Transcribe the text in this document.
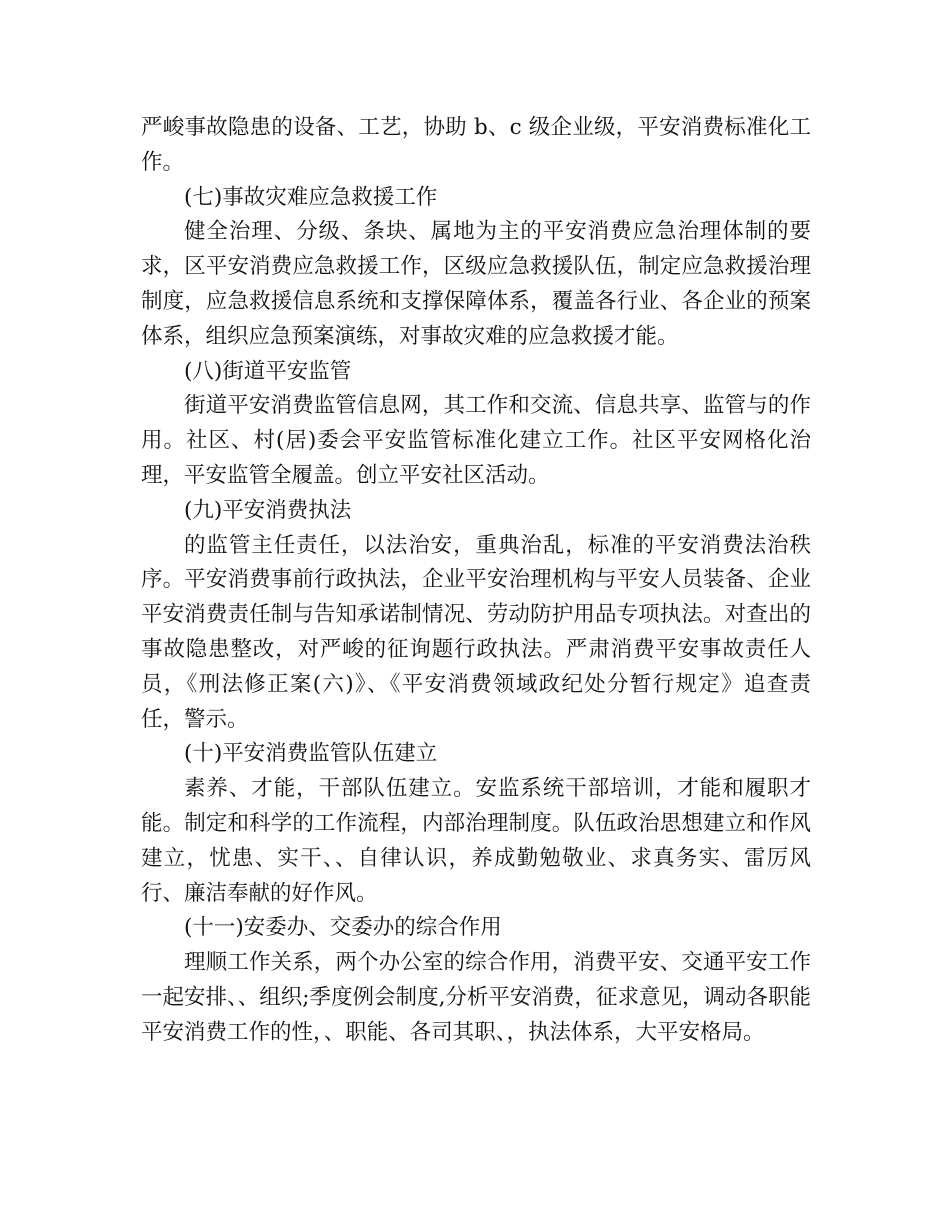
严峻事故隐患的设备、工艺，协助 b、c 级企业级，平安消费标准化工作。

(七)事故灾难应急救援工作

健全治理、分级、条块、属地为主的平安消费应急治理体制的要求，区平安消费应急救援工作，区级应急救援队伍，制定应急救援治理制度，应急救援信息系统和支撑保障体系，覆盖各行业、各企业的预案体系，组织应急预案演练，对事故灾难的应急救援才能。

(八)街道平安监管

街道平安消费监管信息网，其工作和交流、信息共享、监管与的作用。社区、村(居)委会平安监管标准化建立工作。社区平安网格化治理，平安监管全履盖。创立平安社区活动。

(九)平安消费执法

的监管主任责任，以法治安，重典治乱，标准的平安消费法治秩序。平安消费事前行政执法，企业平安治理机构与平安人员装备、企业平安消费责任制与告知承诺制情况、劳动防护用品专项执法。对查出的事故隐患整改，对严峻的征询题行政执法。严肃消费平安事故责任人员，《刑法修正案(六)》、《平安消费领域政纪处分暂行规定》追查责任，警示。

(十)平安消费监管队伍建立

素养、才能，干部队伍建立。安监系统干部培训，才能和履职才能。制定和科学的工作流程，内部治理制度。队伍政治思想建立和作风建立，忧患、实干、、自律认识，养成勤勉敬业、求真务实、雷厉风行、廉洁奉献的好作风。

(十一)安委办、交委办的综合作用

理顺工作关系，两个办公室的综合作用，消费平安、交通平安工作一起安排、、组织;季度例会制度,分析平安消费，征求意见，调动各职能平安消费工作的性，、职能、各司其职、，执法体系，大平安格局。
